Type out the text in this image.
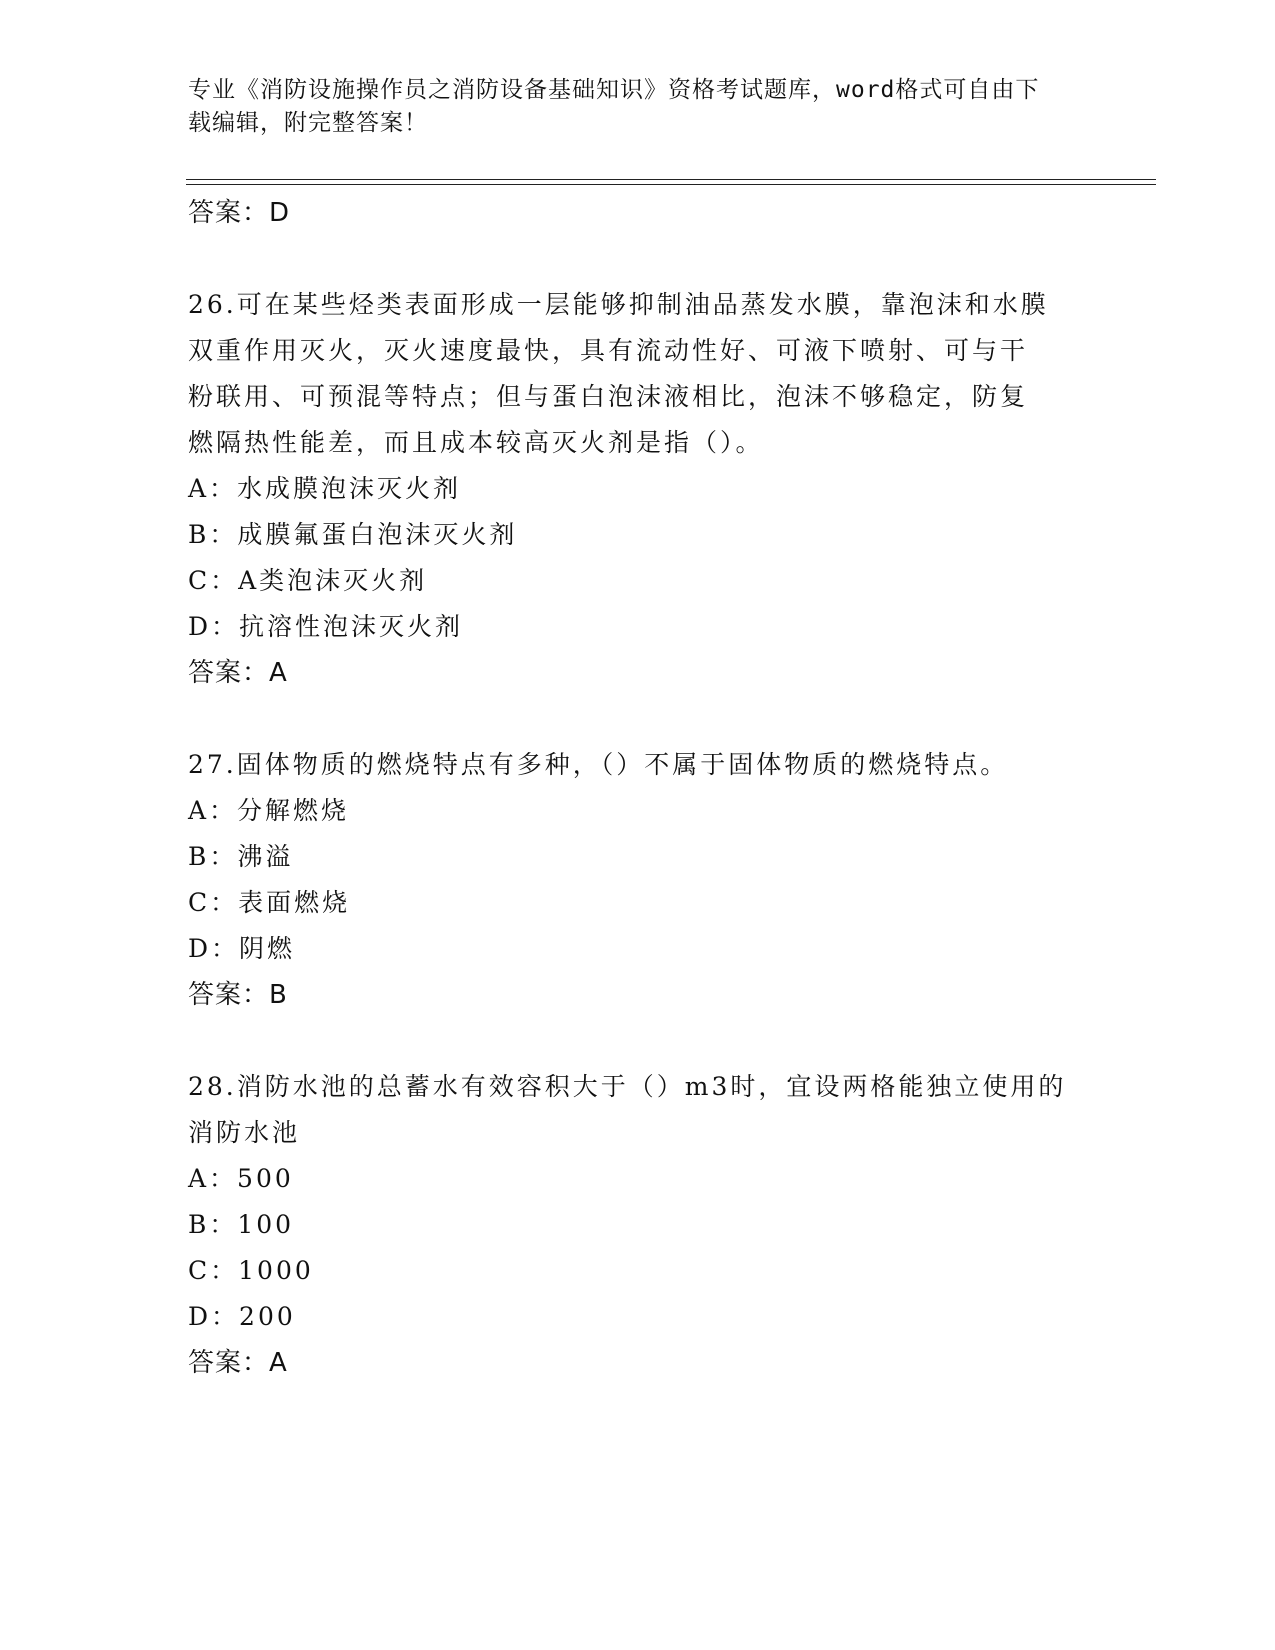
专业《消防设施操作员之消防设备基础知识》资格考试题库，word格式可自由下
载编辑，附完整答案！
答案：D
26.可在某些烃类表面形成一层能够抑制油品蒸发水膜，靠泡沫和水膜
双重作用灭火，灭火速度最快，具有流动性好、可液下喷射、可与干
粉联用、可预混等特点；但与蛋白泡沫液相比，泡沫不够稳定，防复
燃隔热性能差，而且成本较高灭火剂是指（）。
A：水成膜泡沫灭火剂
B：成膜氟蛋白泡沫灭火剂
C：A类泡沫灭火剂
D：抗溶性泡沫灭火剂
答案：A
27.固体物质的燃烧特点有多种，（）不属于固体物质的燃烧特点。
A：分解燃烧
B：沸溢
C：表面燃烧
D：阴燃
答案：B
28.消防水池的总蓄水有效容积大于（）m3时，宜设两格能独立使用的
消防水池
A：500
B：100
C：1000
D：200
答案：A
